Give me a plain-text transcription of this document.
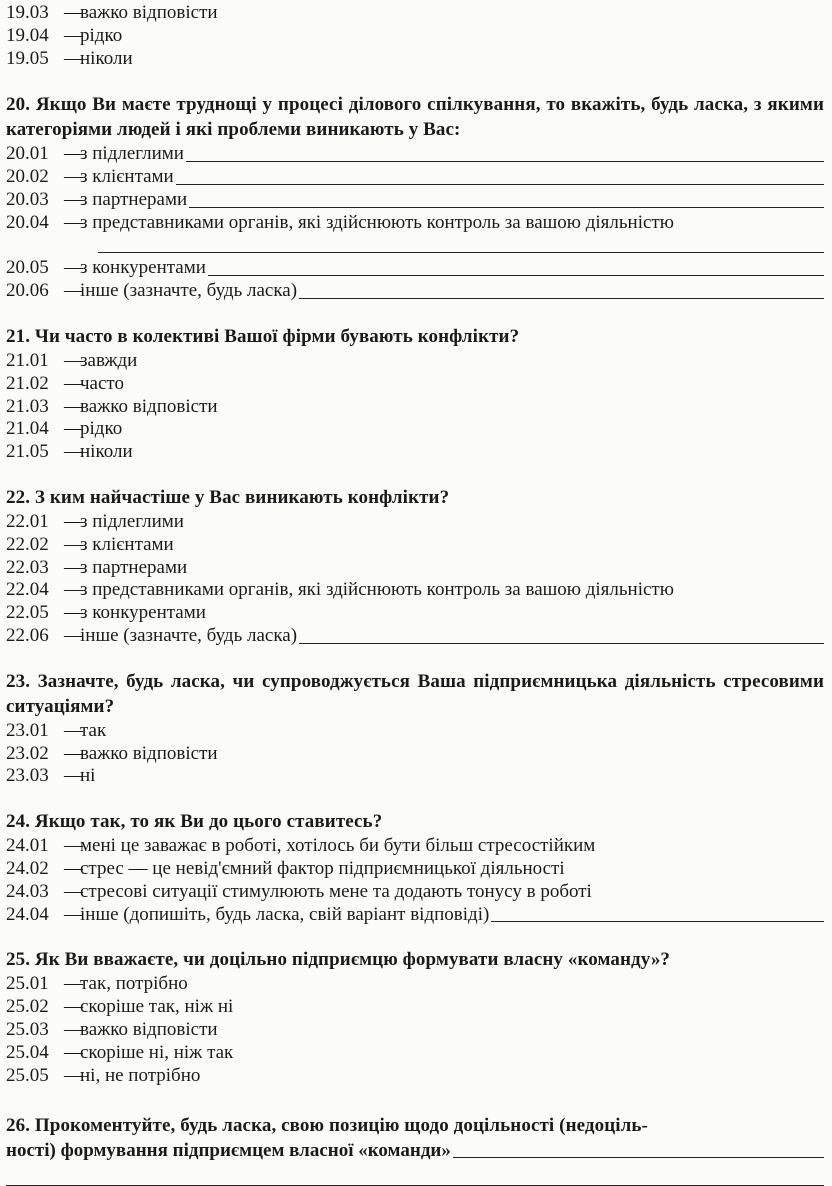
19.03 —
важко відповісти
19.04 —
рідко
19.05 —
ніколи
20. Якщо Ви маєте труднощі у процесі ділового спілкування, то вкажіть, будь ласка, з якими категоріями людей і які проблеми виникають у Вас:
20.01 —
з підлеглими
20.02 —
з клієнтами
20.03 —
з партнерами
20.04 —
з представниками органів, які здійснюють контроль за вашою діяльністю
20.05 —
з конкурентами
20.06 —
інше (зазначте, будь ласка)
21. Чи часто в колективі Вашої фірми бувають конфлікти?
21.01 —
завжди
21.02 —
часто
21.03 —
важко відповісти
21.04 —
рідко
21.05 —
ніколи
22. З ким найчастіше у Вас виникають конфлікти?
22.01 —
з підлеглими
22.02 —
з клієнтами
22.03 —
з партнерами
22.04 —
з представниками органів, які здійснюють контроль за вашою діяльністю
22.05 —
з конкурентами
22.06 —
інше (зазначте, будь ласка)
23. Зазначте, будь ласка, чи супроводжується Ваша підприємницька діяльність стресовими ситуаціями?
23.01 —
так
23.02 —
важко відповісти
23.03 —
ні
24. Якщо так, то як Ви до цього ставитесь?
24.01 —
мені це заважає в роботі, хотілось би бути більш стресостійким
24.02 —
стрес — це невід'ємний фактор підприємницької діяльності
24.03 —
стресові ситуації стимулюють мене та додають тонусу в роботі
24.04 —
інше (допишіть, будь ласка, свій варіант відповіді)
25. Як Ви вважаєте, чи доцільно підприємцю формувати власну «команду»?
25.01 —
так, потрібно
25.02 —
скоріше так, ніж ні
25.03 —
важко відповісти
25.04 —
скоріше ні, ніж так
25.05 —
ні, не потрібно
26. Прокоментуйте, будь ласка, свою позицію щодо доцільності (недоціль-
ності) формування підприємцем власної «команди»
